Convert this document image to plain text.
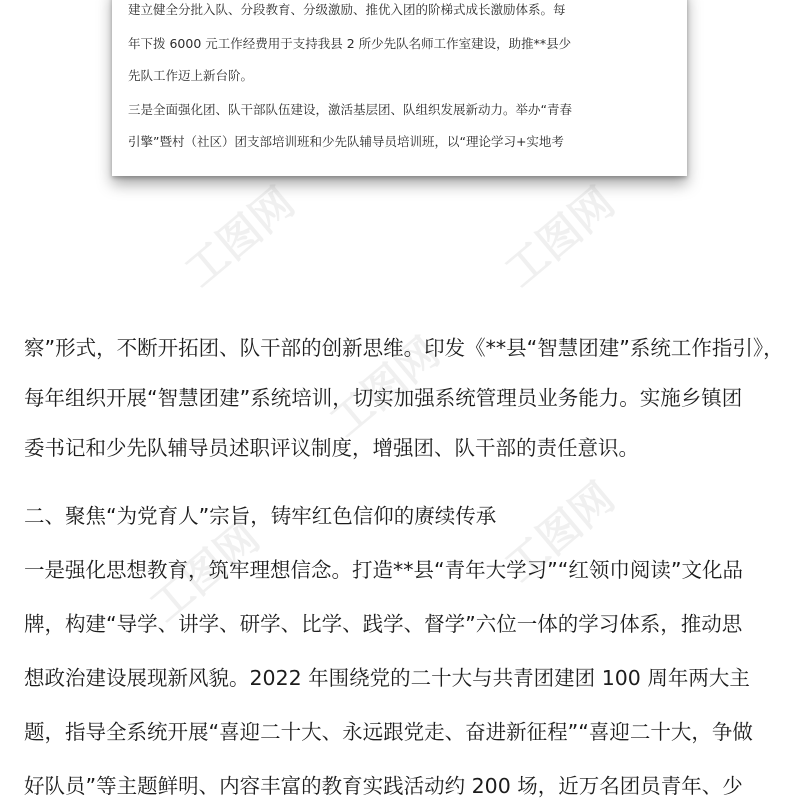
工图网	工图网
工图网
工图网	工图网
建立健全分批入队、分段教育、分级激励、推优入团的阶梯式成长激励体系。每
年下拨 6000 元工作经费用于支持我县 2 所少先队名师工作室建设，助推**县少
先队工作迈上新台阶。
三是全面强化团、队干部队伍建设，激活基层团、队组织发展新动力。举办“青春
引擎”暨村（社区）团支部培训班和少先队辅导员培训班，以“理论学习+实地考
察”形式，不断开拓团、队干部的创新思维。印发《**县“智慧团建”系统工作指引》，
每年组织开展“智慧团建”系统培训，切实加强系统管理员业务能力。实施乡镇团
委书记和少先队辅导员述职评议制度，增强团、队干部的责任意识。
二、聚焦“为党育人”宗旨，铸牢红色信仰的赓续传承
一是强化思想教育，筑牢理想信念。打造**县“青年大学习”“红领巾阅读”文化品
牌，构建“导学、讲学、研学、比学、践学、督学”六位一体的学习体系，推动思
想政治建设展现新风貌。2022 年围绕党的二十大与共青团建团 100 周年两大主
题，指导全系统开展“喜迎二十大、永远跟党走、奋进新征程”“喜迎二十大，争做
好队员”等主题鲜明、内容丰富的教育实践活动约 200 场，近万名团员青年、少
